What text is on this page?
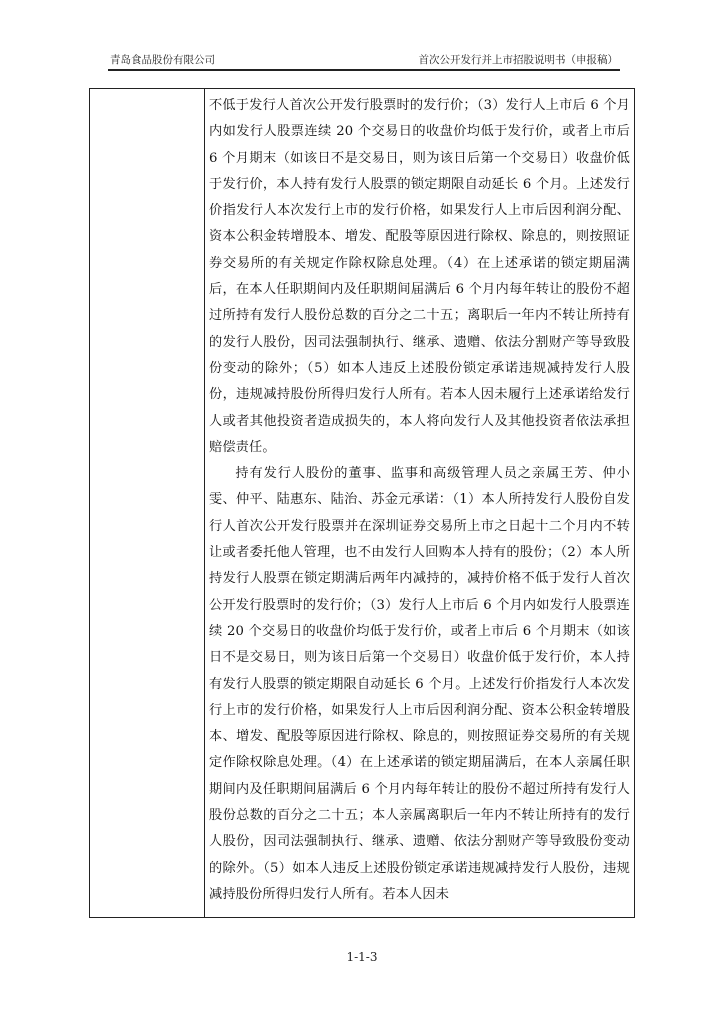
青岛食品股份有限公司	首次公开发行并上市招股说明书（申报稿）

不低于发行人首次公开发行股票时的发行价；（3）发行人上市后 6 个月内如发行人股票连续 20 个交易日的收盘价均低于发行价，或者上市后 6 个月期末（如该日不是交易日，则为该日后第一个交易日）收盘价低于发行价，本人持有发行人股票的锁定期限自动延长 6 个月。上述发行价指发行人本次发行上市的发行价格，如果发行人上市后因利润分配、资本公积金转增股本、增发、配股等原因进行除权、除息的，则按照证券交易所的有关规定作除权除息处理。（4）在上述承诺的锁定期届满后，在本人任职期间内及任职期间届满后 6 个月内每年转让的股份不超过所持有发行人股份总数的百分之二十五；离职后一年内不转让所持有的发行人股份，因司法强制执行、继承、遗赠、依法分割财产等导致股份变动的除外；（5）如本人违反上述股份锁定承诺违规减持发行人股份，违规减持股份所得归发行人所有。若本人因未履行上述承诺给发行人或者其他投资者造成损失的，本人将向发行人及其他投资者依法承担赔偿责任。

持有发行人股份的董事、监事和高级管理人员之亲属王芳、仲小雯、仲平、陆惠东、陆治、苏金元承诺：（1）本人所持发行人股份自发行人首次公开发行股票并在深圳证券交易所上市之日起十二个月内不转让或者委托他人管理，也不由发行人回购本人持有的股份；（2）本人所持发行人股票在锁定期满后两年内减持的，减持价格不低于发行人首次公开发行股票时的发行价；（3）发行人上市后 6 个月内如发行人股票连续 20 个交易日的收盘价均低于发行价，或者上市后 6 个月期末（如该日不是交易日，则为该日后第一个交易日）收盘价低于发行价，本人持有发行人股票的锁定期限自动延长 6 个月。上述发行价指发行人本次发行上市的发行价格，如果发行人上市后因利润分配、资本公积金转增股本、增发、配股等原因进行除权、除息的，则按照证券交易所的有关规定作除权除息处理。（4）在上述承诺的锁定期届满后，在本人亲属任职期间内及任职期间届满后 6 个月内每年转让的股份不超过所持有发行人股份总数的百分之二十五；本人亲属离职后一年内不转让所持有的发行人股份，因司法强制执行、继承、遗赠、依法分割财产等导致股份变动的除外。（5）如本人违反上述股份锁定承诺违规减持发行人股份，违规减持股份所得归发行人所有。若本人因未

1-1-3
